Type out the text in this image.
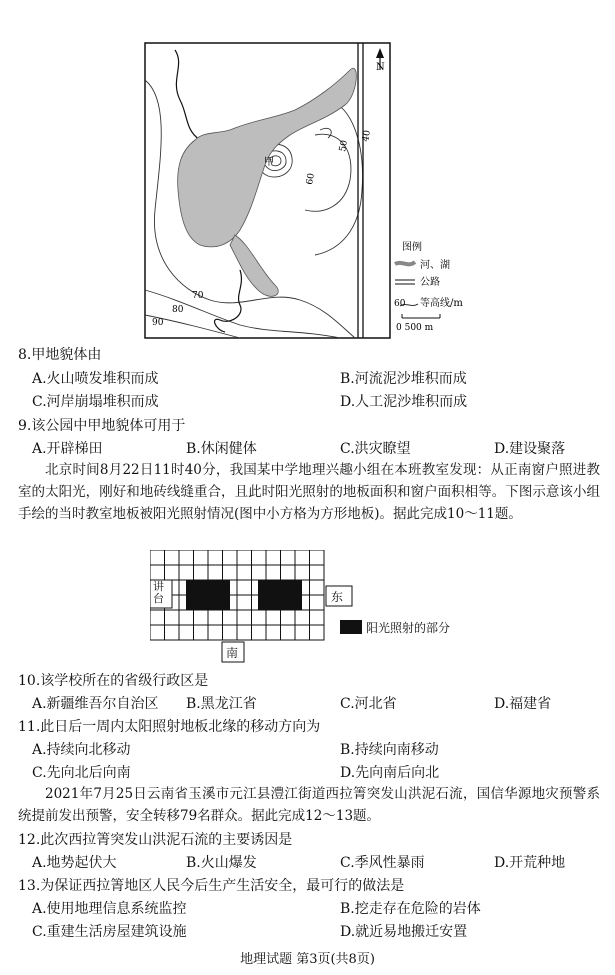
N
甲
40
50
60
70
80
90
图例
河、湖
公路
60 等高线/m
0 500 m
8.甲地貌体由
A.火山喷发堆积而成	B.河流泥沙堆积而成
C.河岸崩塌堆积而成	D.人工泥沙堆积而成
9.该公园中甲地貌体可用于
A.开辟梯田	B.休闲健体	C.洪灾瞭望	D.建设聚落
北京时间8月22日11时40分，我国某中学地理兴趣小组在本班教室发现：从正南窗户照进教室的太阳光，刚好和地砖线缝重合，且此时阳光照射的地板面积和窗户面积相等。下图示意该小组手绘的当时教室地板被阳光照射情况(图中小方格为方形地板)。据此完成10～11题。
讲台	东
南
阳光照射的部分
10.该学校所在的省级行政区是
A.新疆维吾尔自治区 B.黑龙江省	C.河北省	D.福建省
11.此日后一周内太阳照射地板北缘的移动方向为
A.持续向北移动	B.持续向南移动
C.先向北后向南	D.先向南后向北
2021年7月25日云南省玉溪市元江县澧江街道西拉箐突发山洪泥石流，国信华源地灾预警系统提前发出预警，安全转移79名群众。据此完成12～13题。
12.此次西拉箐突发山洪泥石流的主要诱因是
A.地势起伏大	B.火山爆发	C.季风性暴雨	D.开荒种地
13.为保证西拉箐地区人民今后生产生活安全，最可行的做法是
A.使用地理信息系统监控	B.挖走存在危险的岩体
C.重建生活房屋建筑设施	D.就近易地搬迁安置
地理试题 第3页(共8页)
